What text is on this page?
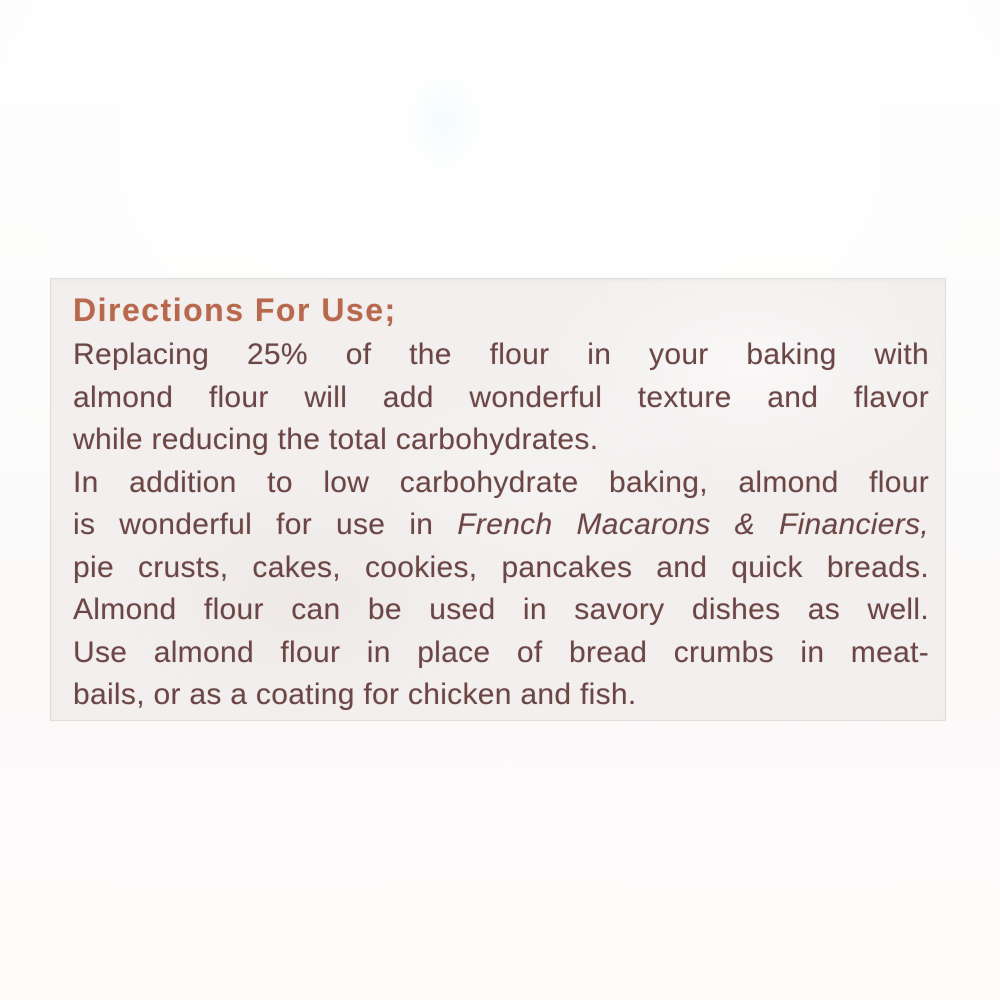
Directions For Use;
Replacing 25% of the flour in your baking with
almond flour will add wonderful texture and flavor
while reducing the total carbohydrates.
In addition to low carbohydrate baking, almond flour
is wonderful for use in French Macarons & Financiers,
pie crusts, cakes, cookies, pancakes and quick breads.
Almond flour can be used in savory dishes as well.
Use almond flour in place of bread crumbs in meat-
bails, or as a coating for chicken and fish.
